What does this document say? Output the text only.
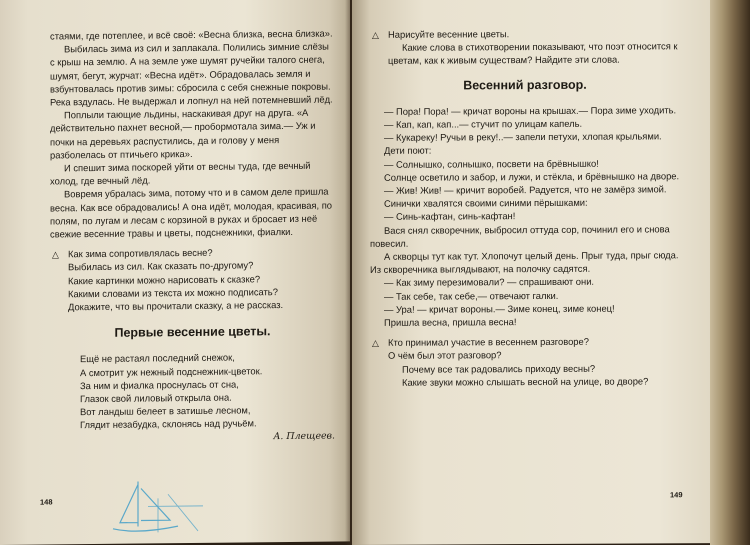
стаями, где потеплее, и всё своё: «Весна близка, весна близка».

Выбилась зима из сил и заплакала. Полились зимние слёзы с крыш на землю. А на земле уже шумят ручейки талого снега, шумят, бегут, журчат: «Весна идёт». Обрадовалась земля и взбунтовалась против зимы: сбросила с себя снежные покровы. Река вздулась. Не выдержал и лопнул на ней потемневший лёд.

Поплыли тающие льдины, наскакивая друг на друга. «А действительно пахнет весной,— пробормотала зима.— Уж и почки на деревьях распустились, да и голову у меня разболелась от птичьего крика».

И спешит зима поскорей уйти от весны туда, где вечный холод, где вечный лёд.

Вовремя убралась зима, потому что и в самом деле пришла весна. Как все обрадовались! А она идёт, молодая, красивая, по полям, по лугам и лесам с корзиной в руках и бросает из неё свежие весенние травы и цветы, подснежники, фиалки.

△ Как зима сопротивлялась весне?

Выбилась из сил. Как сказать по-другому?

Какие картинки можно нарисовать к сказке?

Какими словами из текста их можно подписать?

Докажите, что вы прочитали сказку, а не рассказ.

Первые весенние цветы.

Ещё не растаял последний снежок,

А смотрит уж нежный подснежник-цветок.

За ним и фиалка проснулась от сна,

Глазок свой лиловый открыла она.

Вот ландыш белеет в затишье лесном,

Глядит незабудка, склонясь над ручьём.

А. Плещеев.

148
△ Нарисуйте весенние цветы.

Какие слова в стихотворении показывают, что поэт относится к цветам, как к живым существам? Найдите эти слова.

Весенний разговор.

— Пора! Пора! — кричат вороны на крышах.— Пора зиме уходить.

— Кап, кап, кап...— стучит по улицам капель.

— Кукареку! Ручьи в реку!..— запели петухи, хлопая крыльями.

Дети поют:

— Солнышко, солнышко, посвети на брёвнышко!

Солнце осветило и забор, и лужи, и стёкла, и брёвнышко на дворе.

— Жив! Жив! — кричит воробей. Радуется, что не замёрз зимой.

Синички хвалятся своими синими пёрышками:

— Синь-кафтан, синь-кафтан!

Вася снял скворечник, выбросил оттуда сор, починил его и снова повесил.

А скворцы тут как тут. Хлопочут целый день. Прыг туда, прыг сюда. Из скворечника выглядывают, на полочку садятся.

— Как зиму перезимовали? — спрашивают они.

— Так себе, так себе,— отвечают галки.

— Ура! — кричат вороны.— Зиме конец, зиме конец!

Пришла весна, пришла весна!

△ Кто принимал участие в весеннем разговоре?

О чём был этот разговор?

Почему все так радовались приходу весны?

Какие звуки можно слышать весной на улице, во дворе?

149
